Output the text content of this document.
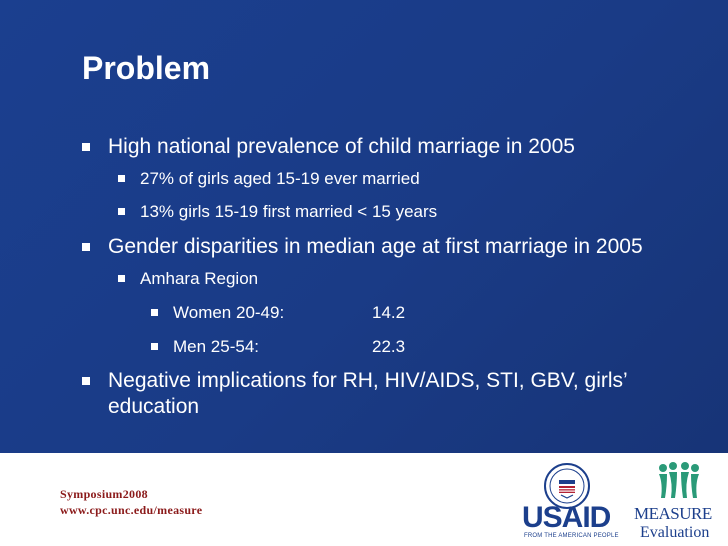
Problem
High national prevalence of child marriage in 2005
27% of girls aged 15-19 ever married
13% girls 15-19 first married < 15 years
Gender disparities in median age at first marriage in 2005
Amhara Region
Women 20-49:	14.2
Men 25-54:	22.3
Negative implications for RH, HIV/AIDS, STI, GBV, girls’
education
Symposium2008
www.cpc.unc.edu/measure	USAID
FROM THE AMERICAN PEOPLE
MEASURE
Evaluation
